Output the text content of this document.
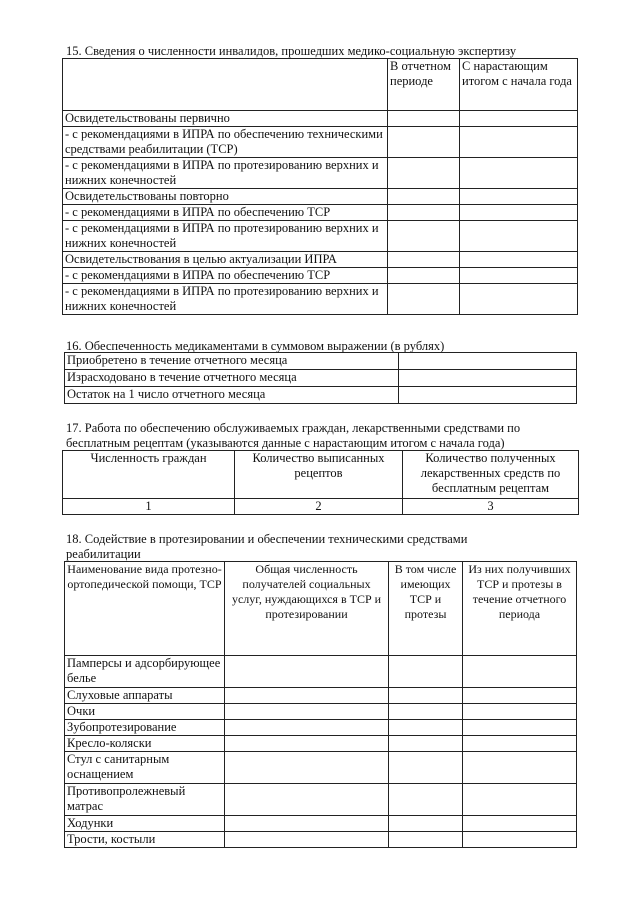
15. Сведения о численности инвалидов, прошедших медико-социальную экспертизу
	В отчетном периоде	С нарастающим итогом с начала года
Освидетельствованы первично		
- с рекомендациями в ИПРА по обеспечению техническими средствами реабилитации (ТСР)		
- с рекомендациями в ИПРА по протезированию верхних и нижних конечностей		
Освидетельствованы повторно		
- с рекомендациями в ИПРА по обеспечению ТСР		
- с рекомендациями в ИПРА по протезированию верхних и нижних конечностей		
Освидетельствования в целью актуализации ИПРА		
- с рекомендациями в ИПРА по обеспечению ТСР		
- с рекомендациями в ИПРА по протезированию верхних и нижних конечностей		
16. Обеспеченность медикаментами в суммовом выражении (в рублях)
Приобретено в течение отчетного месяца	
Израсходовано в течение отчетного месяца	
Остаток на 1 число отчетного месяца	
17. Работа по обеспечению обслуживаемых граждан, лекарственными средствами по
бесплатным рецептам (указываются данные с нарастающим итогом с начала года)
Численность граждан	Количество выписанных рецептов	Количество полученных лекарственных средств по бесплатным рецептам
1	2	3
18. Содействие в протезировании и обеспечении техническими средствами
реабилитации
Наименование вида протезно-ортопедической помощи, ТСР	Общая численность получателей социальных услуг, нуждающихся в ТСР и протезировании	В том числе имеющих ТСР и протезы	Из них получивших ТСР и протезы в течение отчетного периода
Памперсы и адсорбирующее белье			
Слуховые аппараты			
Очки			
Зубопротезирование			
Кресло-коляски			
Стул с санитарным оснащением			
Противопролежневый матрас			
Ходунки			
Трости, костыли			
